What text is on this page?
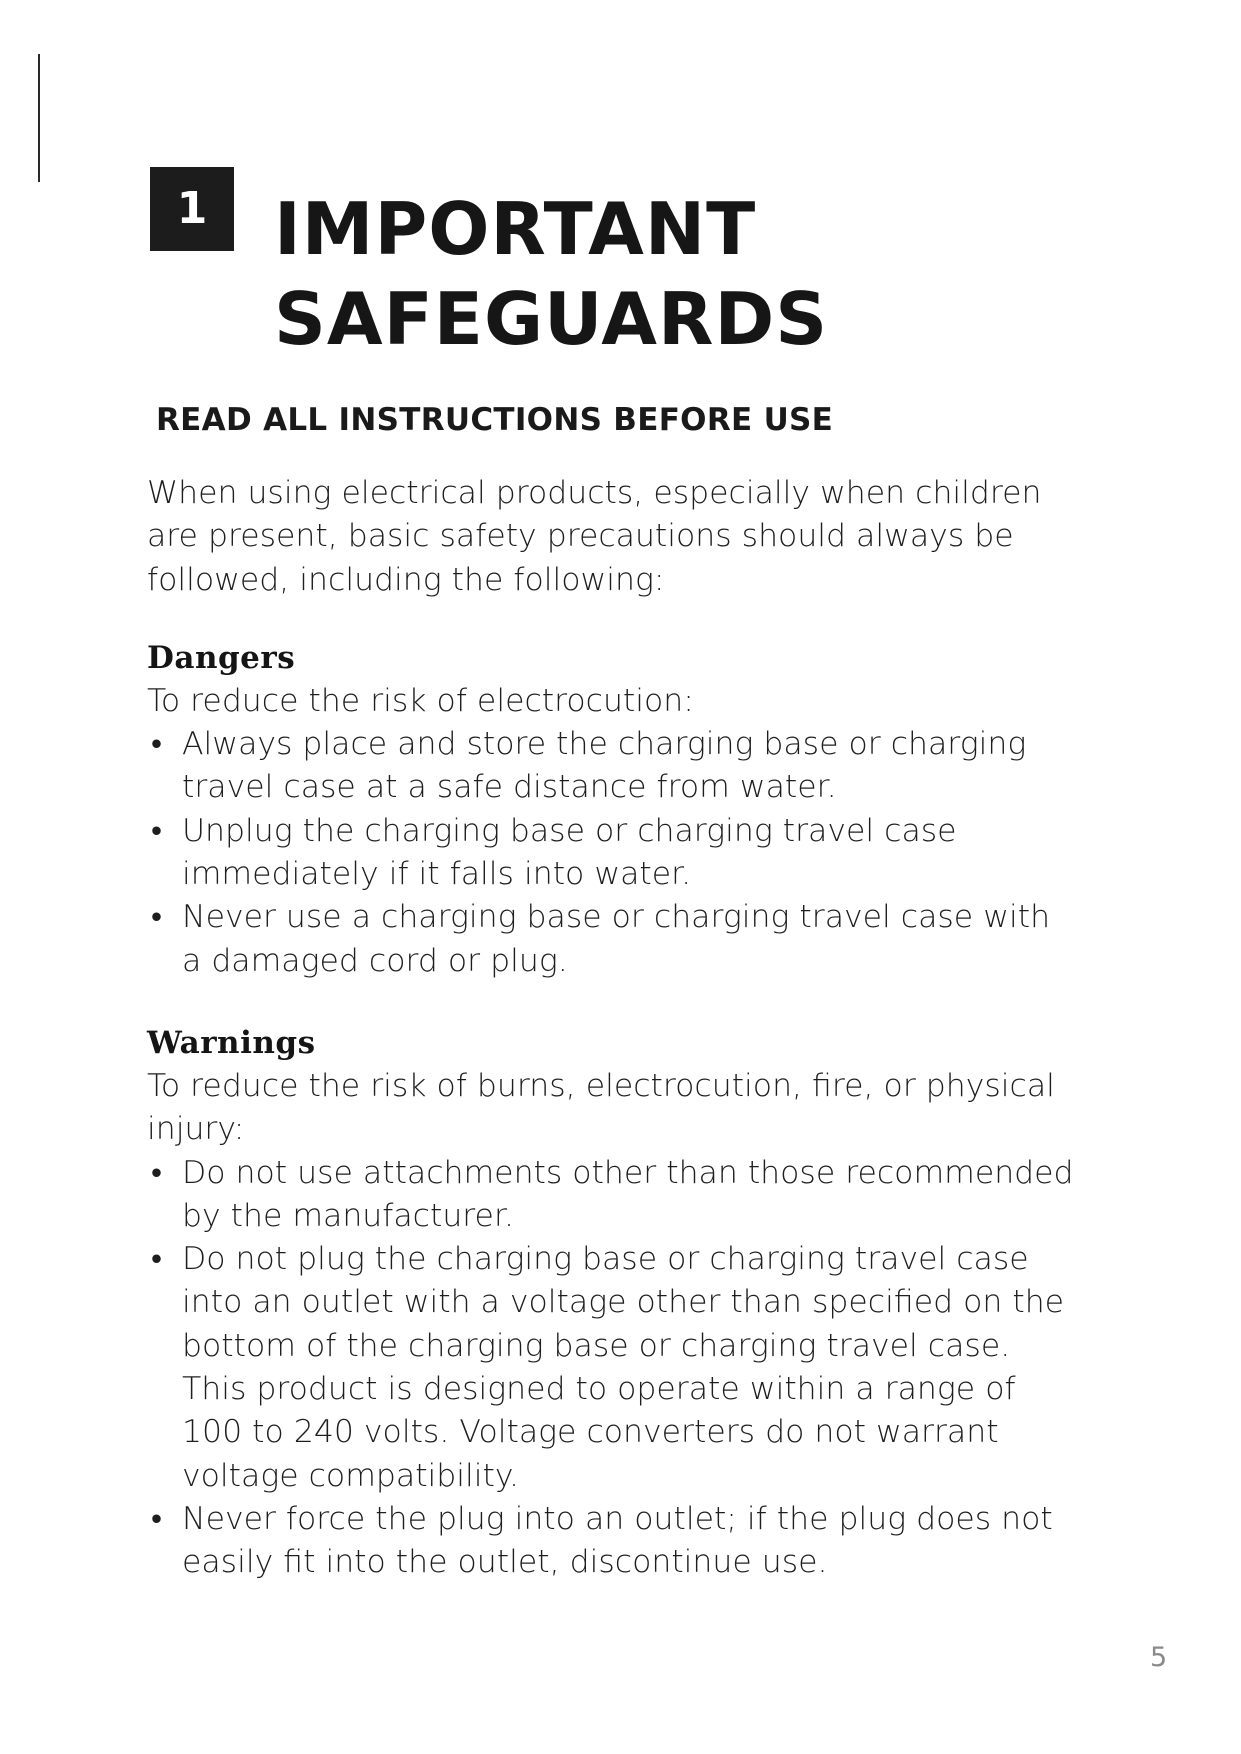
1 IMPORTANT
SAFEGUARDS
READ ALL INSTRUCTIONS BEFORE USE

When using electrical products, especially when children are present, basic safety precautions should always be followed, including the following:

Dangers

To reduce the risk of electrocution:

• Always place and store the charging base or charging travel case at a safe distance from water.
• Unplug the charging base or charging travel case immediately if it falls into water.
• Never use a charging base or charging travel case with a damaged cord or plug.
Warnings

To reduce the risk of burns, electrocution, fire, or physical injury:

• Do not use attachments other than those recommended by the manufacturer.
• Do not plug the charging base or charging travel case into an outlet with a voltage other than specified on the bottom of the charging base or charging travel case. This product is designed to operate within a range of 100 to 240 volts. Voltage converters do not warrant voltage compatibility.
• Never force the plug into an outlet; if the plug does not easily fit into the outlet, discontinue use.
5
